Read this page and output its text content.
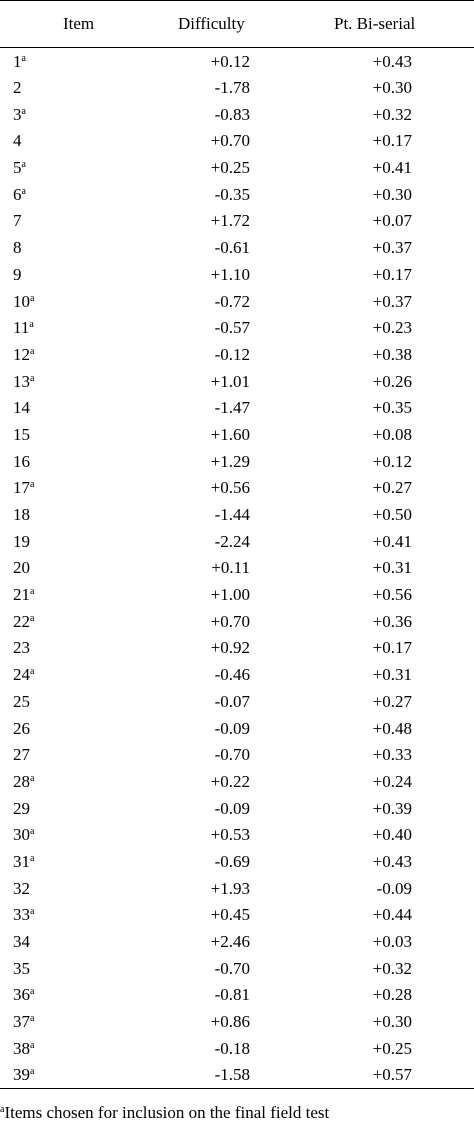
Item	Difficulty	Pt. Bi-serial
$1^a$	+0.12	+0.43
2	-1.78	+0.30
3$^a$	-0.83	+0.32
4	+0.70	+0.17
$5^a$	+0.25	+0.41
6$^a$	-0.35	+0.30
7	+1.72	+0.07
8	-0.61	+0.37
9	+1.10	+0.17
10$^a$	-0.72	+0.37
11$^a$	-0.57	+0.23
12$^a$	-0.12	+0.38
$13^a$	+1.01	+0.26
14	-1.47	+0.35
15	+1.60	+0.08
16	+1.29	+0.12
$17^a$	+0.56	+0.27
18	-1.44	+0.50
19	-2.24	+0.41
20	+0.11	+0.31
$21^a$	+1.00	+0.56
$22^a$	+0.70	+0.36
23	+0.92	+0.17
24$^a$	-0.46	+0.31
25	-0.07	+0.27
26	-0.09	+0.48
27	-0.70	+0.33
$28^a$	+0.22	+0.24
29	-0.09	+0.39
$30^a$	+0.53	+0.40
31$^a$	-0.69	+0.43
32	+1.93	-0.09
$33^a$	+0.45	+0.44
34	+2.46	+0.03
35	-0.70	+0.32
36$^a$	-0.81	+0.28
$37^a$	+0.86	+0.30
38$^a$	-0.18	+0.25
39$^a$	-1.58	+0.57
$^a$Items chosen for inclusion on the final field test
